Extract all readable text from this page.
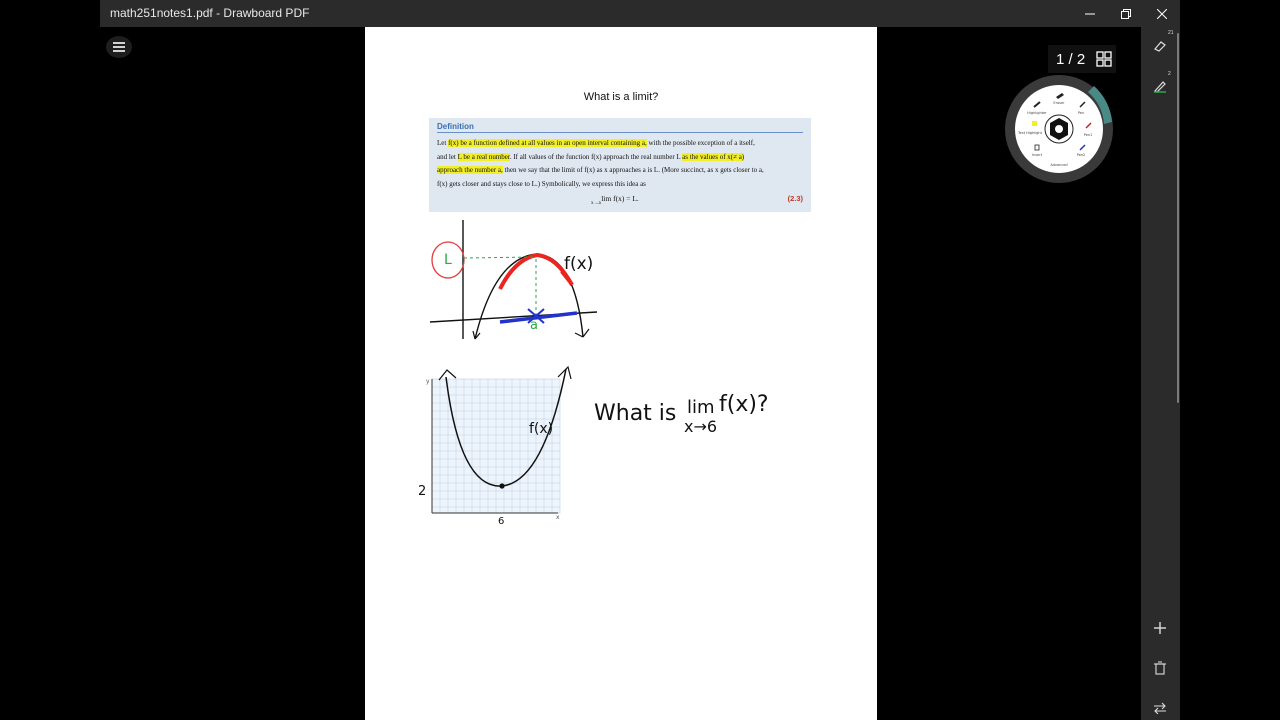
math251notes1.pdf - Drawboard PDF
What is a limit?
Definition
Let f(x) be a function defined at all values in an open interval containing a, with the possible exception of a itself,
and let L be a real number. If all values of the function f(x) approach the real number L as the values of x(≠ a)
approach the number a, then we say that the limit of f(x) as x approaches a is L. (More succinct, as x gets closer to a,
f(x) gets closer and stays close to L.) Symbolically, we express this idea as
lim f(x) = L.
x→a
(2.3)
L
a
f(x)
f(x)
2
6	x
y
What is lim f(x)?
x→6
1 / 2
Eraser
Highlighter	Pen
Text Highlight	Pen1
Insert
Advanced
Pen2
21
2
